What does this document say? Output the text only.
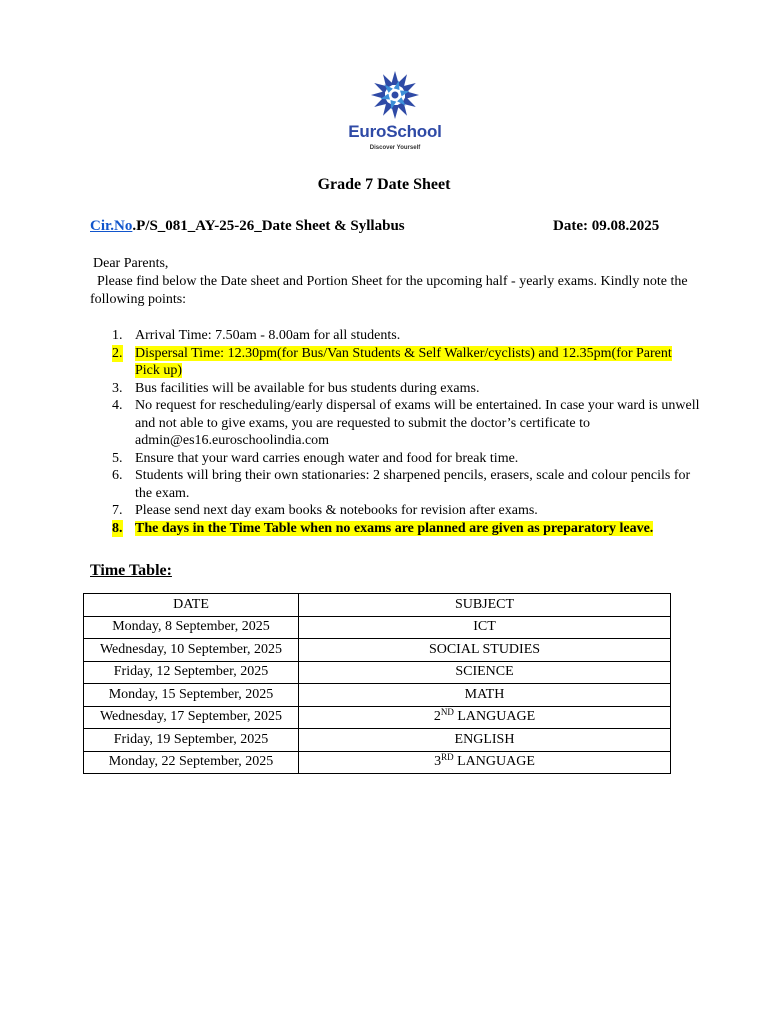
EuroSchool
Discover Yourself
Grade 7 Date Sheet
Cir.No.P/S_081_AY-25-26_Date Sheet & Syllabus	Date: 09.08.2025
Dear Parents,
Please find below the Date sheet and Portion Sheet for the upcoming half - yearly exams. Kindly note the following points:
1. Arrival Time: 7.50am - 8.00am for all students.
2. Dispersal Time: 12.30pm(for Bus/Van Students & Self Walker/cyclists) and 12.35pm(for Parent Pick up)
3. Bus facilities will be available for bus students during exams.
4. No request for rescheduling/early dispersal of exams will be entertained. In case your ward is unwell and not able to give exams, you are requested to submit the doctor’s certificate to admin@es16.euroschoolindia.com
5. Ensure that your ward carries enough water and food for break time.
6. Students will bring their own stationaries: 2 sharpened pencils, erasers, scale and colour pencils for the exam.
7. Please send next day exam books & notebooks for revision after exams.
8. The days in the Time Table when no exams are planned are given as preparatory leave.
Time Table:
DATE	SUBJECT
Monday, 8 September, 2025	ICT
Wednesday, 10 September, 2025	SOCIAL STUDIES
Friday, 12 September, 2025	SCIENCE
Monday, 15 September, 2025	MATH
Wednesday, 17 September, 2025	2ND LANGUAGE
Friday, 19 September, 2025	ENGLISH
Monday, 22 September, 2025	3RD LANGUAGE
